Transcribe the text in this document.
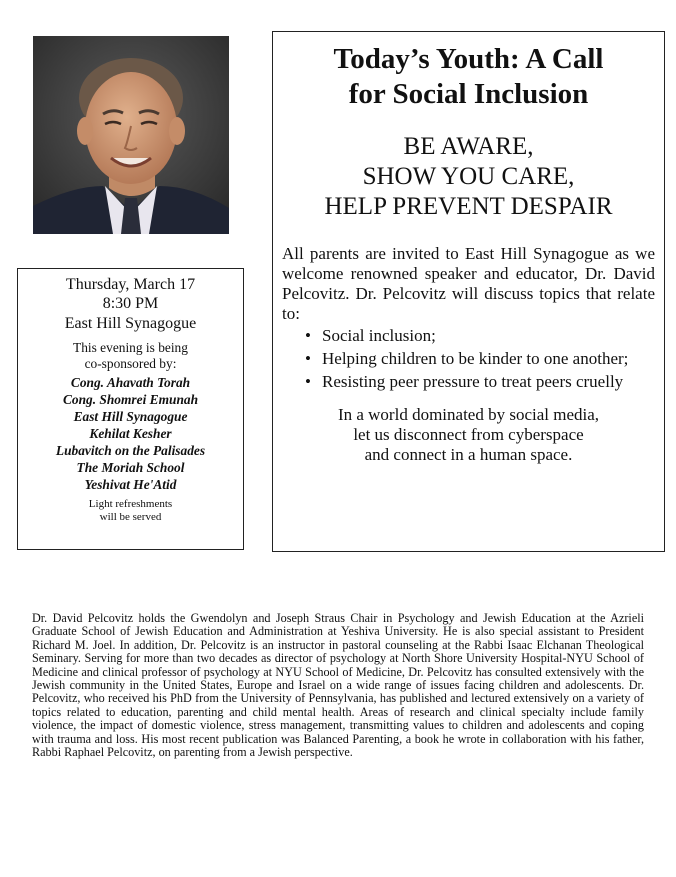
Thursday, March 17
8:30 PM
East Hill Synagogue
This evening is being
co-sponsored by:
Cong. Ahavath Torah
Cong. Shomrei Emunah
East Hill Synagogue
Kehilat Kesher
Lubavitch on the Palisades
The Moriah School
Yeshivat He'Atid
Light refreshments
will be served
Today’s Youth: A Call
for Social Inclusion
BE AWARE,
SHOW YOU CARE,
HELP PREVENT DESPAIR
All parents are invited to East Hill Synagogue as we welcome renowned speaker and educator, Dr. David Pelcovitz. Dr. Pelcovitz will discuss topics that relate to:
• Social inclusion;
• Helping children to be kinder to one another;
• Resisting peer pressure to treat peers cruelly
In a world dominated by social media,
let us disconnect from cyberspace
and connect in a human space.
Dr. David Pelcovitz holds the Gwendolyn and Joseph Straus Chair in Psychology and Jewish Education at the Azrieli Graduate School of Jewish Education and Administration at Yeshiva University. He is also special assistant to President Richard M. Joel. In addition, Dr. Pelcovitz is an instructor in pastoral counseling at the Rabbi Isaac Elchanan Theological Seminary. Serving for more than two decades as director of psychology at North Shore University Hospital-NYU School of Medicine and clinical professor of psychology at NYU School of Medicine, Dr. Pelcovitz has consulted extensively with the Jewish community in the United States, Europe and Israel on a wide range of issues facing children and adolescents. Dr. Pelcovitz, who received his PhD from the University of Pennsylvania, has published and lectured extensively on a variety of topics related to education, parenting and child mental health. Areas of research and clinical specialty include family violence, the impact of domestic violence, stress management, transmitting values to children and adolescents and coping with trauma and loss. His most recent publication was Balanced Parenting, a book he wrote in collaboration with his father, Rabbi Raphael Pelcovitz, on parenting from a Jewish perspective.
